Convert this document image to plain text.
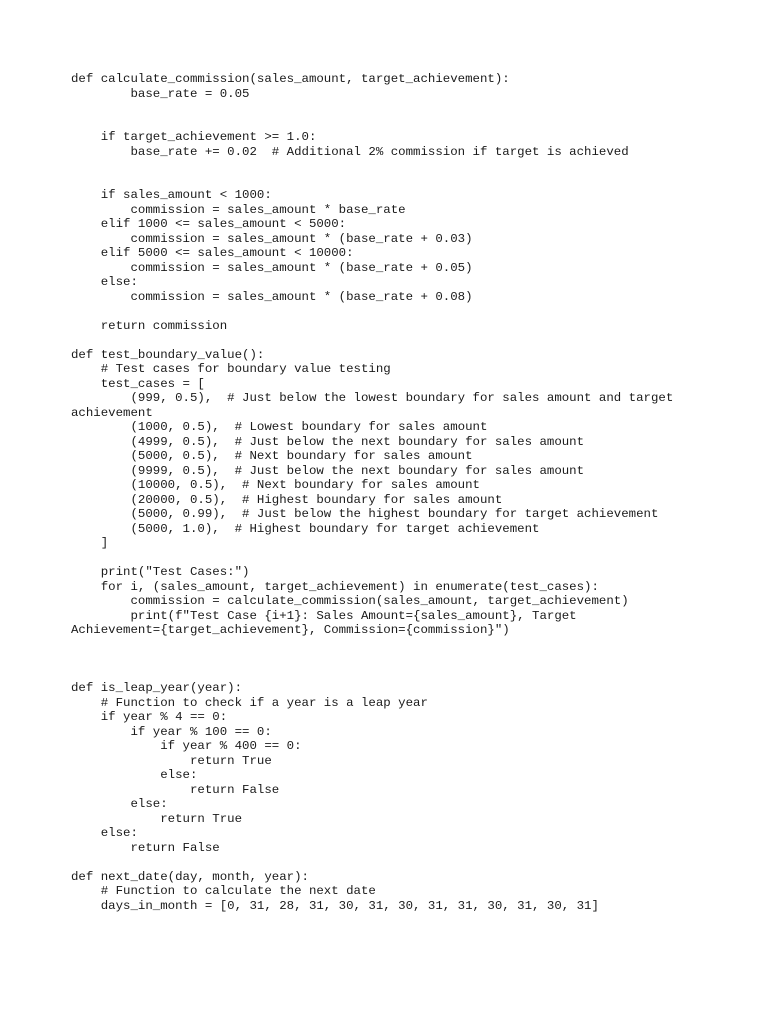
def calculate_commission(sales_amount, target_achievement):
base_rate = 0.05
if target_achievement >= 1.0:
base_rate += 0.02  # Additional 2% commission if target is achieved
if sales_amount < 1000:
commission = sales_amount * base_rate
elif 1000 <= sales_amount < 5000:
commission = sales_amount * (base_rate + 0.03)
elif 5000 <= sales_amount < 10000:
commission = sales_amount * (base_rate + 0.05)
else:
commission = sales_amount * (base_rate + 0.08)
return commission
def test_boundary_value():
# Test cases for boundary value testing
test_cases = [
(999, 0.5),  # Just below the lowest boundary for sales amount and target
achievement
(1000, 0.5),  # Lowest boundary for sales amount
(4999, 0.5),  # Just below the next boundary for sales amount
(5000, 0.5),  # Next boundary for sales amount
(9999, 0.5),  # Just below the next boundary for sales amount
(10000, 0.5),  # Next boundary for sales amount
(20000, 0.5),  # Highest boundary for sales amount
(5000, 0.99),  # Just below the highest boundary for target achievement
(5000, 1.0),  # Highest boundary for target achievement
]
print("Test Cases:")
for i, (sales_amount, target_achievement) in enumerate(test_cases):
commission = calculate_commission(sales_amount, target_achievement)
print(f"Test Case {i+1}: Sales Amount={sales_amount}, Target
Achievement={target_achievement}, Commission={commission}")
def is_leap_year(year):
# Function to check if a year is a leap year
if year % 4 == 0:
if year % 100 == 0:
if year % 400 == 0:
return True
else:
return False
else:
return True
else:
return False
def next_date(day, month, year):
# Function to calculate the next date
days_in_month = [0, 31, 28, 31, 30, 31, 30, 31, 31, 30, 31, 30, 31]
